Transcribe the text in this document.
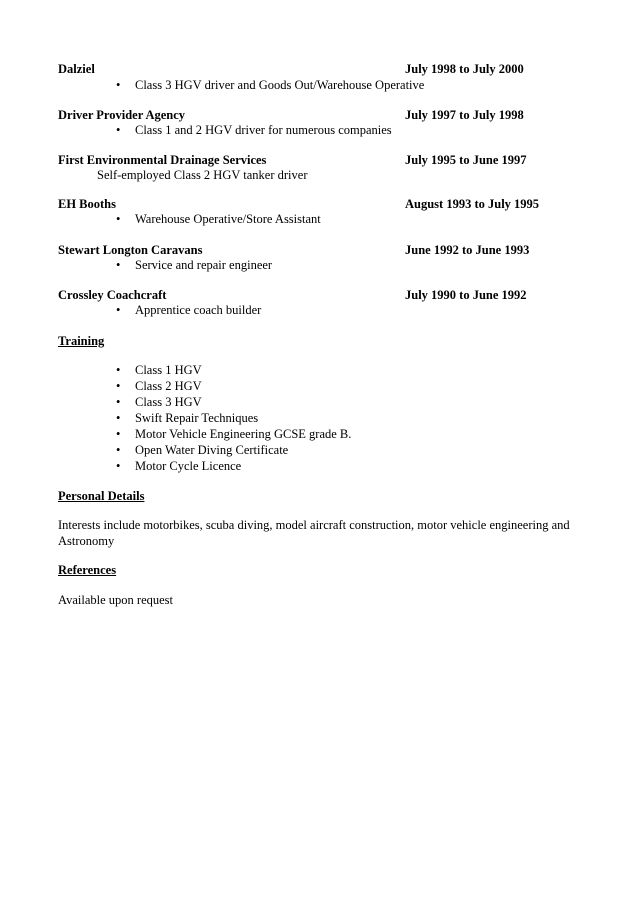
Dalziel	July 1998 to July 2000
• Class 3 HGV driver and Goods Out/Warehouse Operative
Driver Provider Agency	July 1997 to July 1998
• Class 1 and 2 HGV driver for numerous companies
First Environmental Drainage Services	July 1995 to June 1997
Self-employed Class 2 HGV tanker driver
EH Booths	August 1993 to July 1995
• Warehouse Operative/Store Assistant
Stewart Longton Caravans	June 1992 to June 1993
• Service and repair engineer
Crossley Coachcraft	July 1990 to June 1992
• Apprentice coach builder
Training
• Class 1 HGV
• Class 2 HGV
• Class 3 HGV
• Swift Repair Techniques
• Motor Vehicle Engineering GCSE grade B.
• Open Water Diving Certificate
• Motor Cycle Licence
Personal Details
Interests include motorbikes, scuba diving, model aircraft construction, motor vehicle engineering and Astronomy
References
Available upon request
